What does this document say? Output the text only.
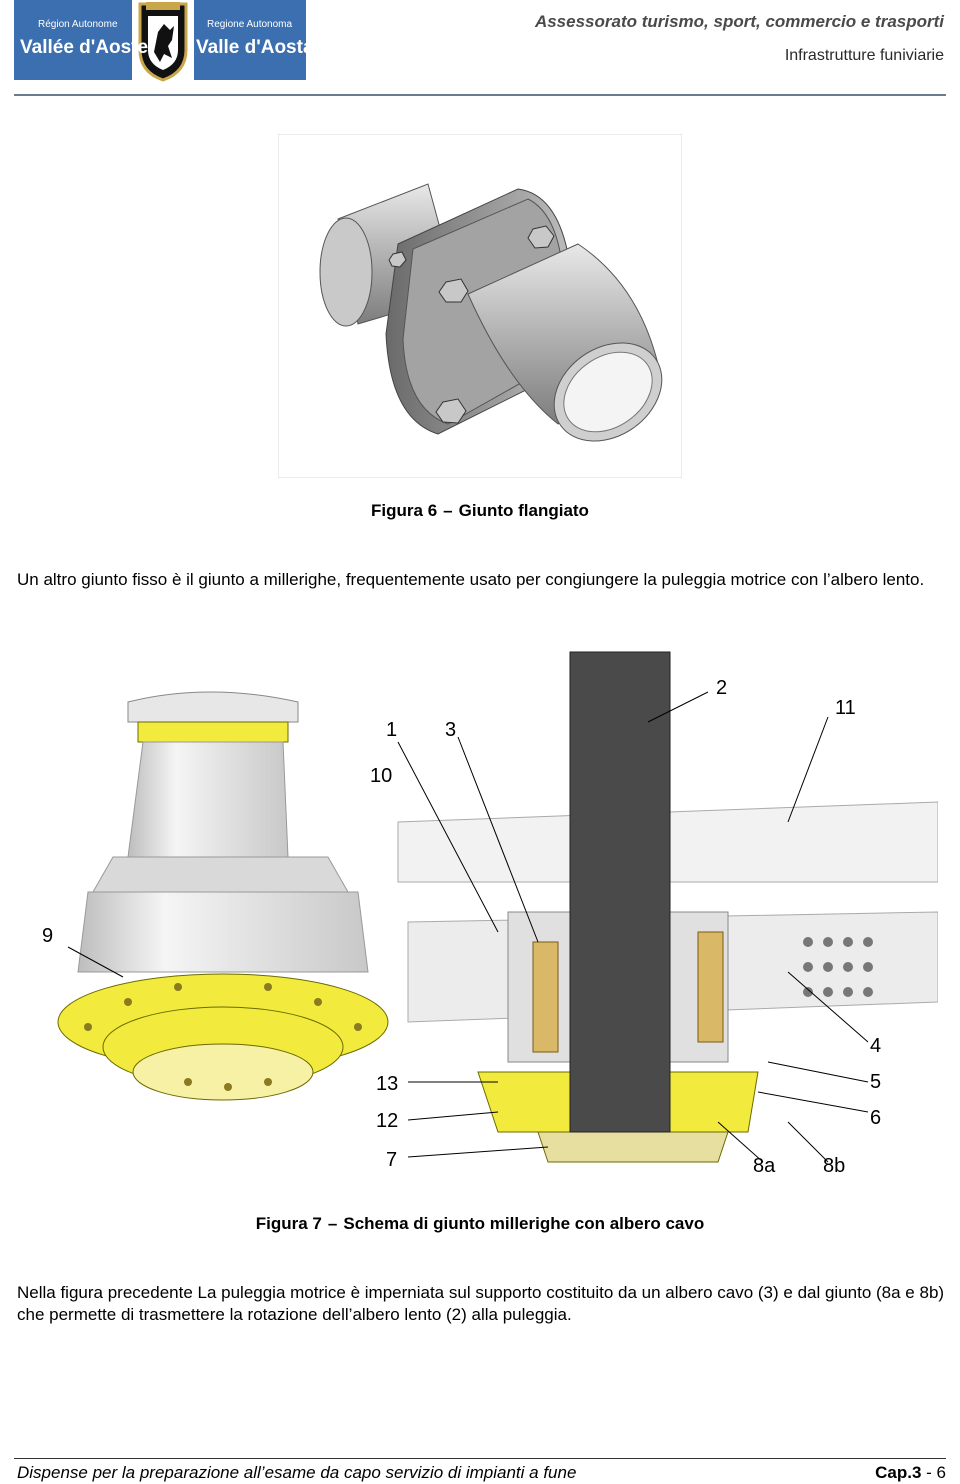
Région Autonome
Vallée d'Aoste
Regione Autonoma
Valle d'Aosta
Assessorato turismo, sport, commercio e trasporti
Infrastrutture funiviarie
Figura 6 – Giunto flangiato
Un altro giunto fisso è il giunto a millerighe, frequentemente usato per congiungere la puleggia motrice con l’albero lento.
1 3
10
2
11
9
4
5
13
12	6
7	8a 8b
Figura 7 – Schema di giunto millerighe con albero cavo
Nella figura precedente La puleggia motrice è imperniata sul supporto costituito da un albero cavo (3) e dal giunto (8a e 8b) che permette di trasmettere la rotazione dell’albero lento (2) alla puleggia.
Dispense per la preparazione all’esame da capo servizio di impianti a fune	Cap.3 - 6
